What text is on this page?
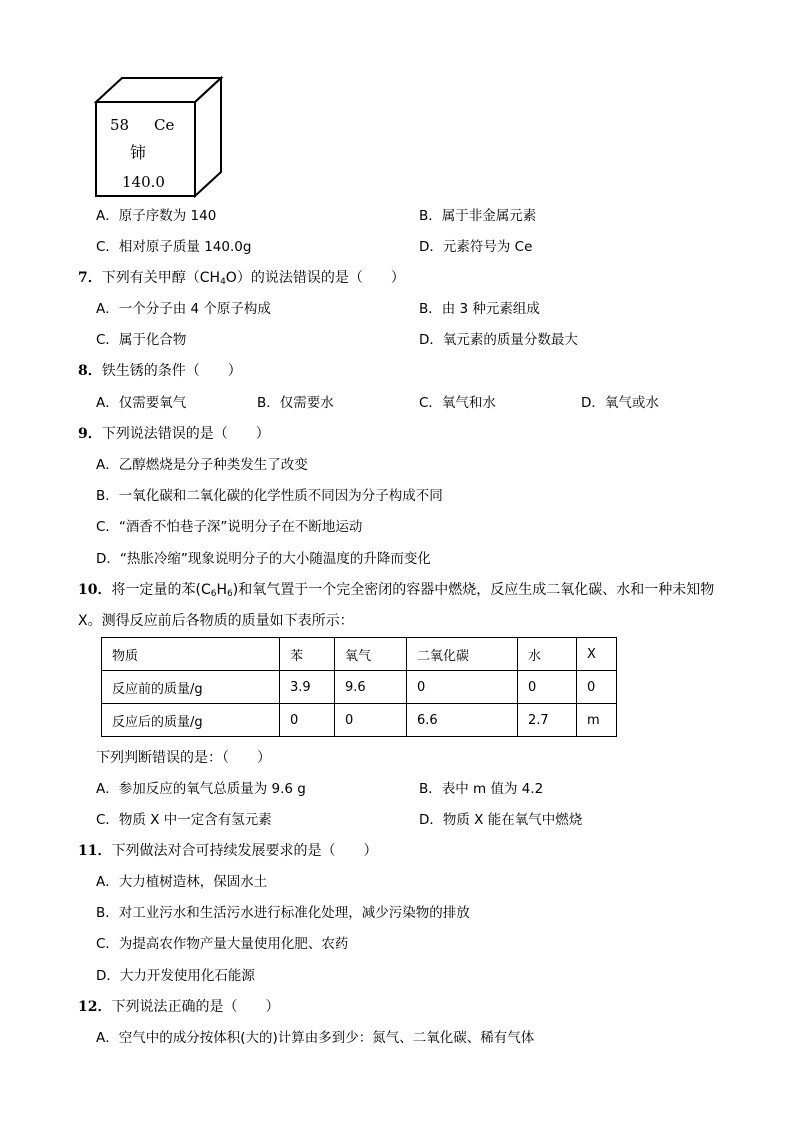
58 Ce
铈
140.0
A．原子序数为 140	B．属于非金属元素
C．相对原子质量 140.0g	D．元素符号为 Ce
7．下列有关甲醇$(CH_4O)$的说法错误的是（　　）
A．一个分子由 4 个原子构成	B．由 3 种元素组成
C．属于化合物	D．氧元素的质量分数最大
8．铁生锈的条件（　　）
A．仅需要氧气	B．仅需要水	C．氧气和水	D．氧气或水
9．下列说法错误的是（　　）
A．乙醇燃烧是分子种类发生了改变
B．一氧化碳和二氧化碳的化学性质不同因为分子构成不同
C．“酒香不怕巷子深”说明分子在不断地运动
D．“热胀冷缩”现象说明分子的大小随温度的升降而变化
10．将一定量的苯$(C_6H_6)$和氧气置于一个完全密闭的容器中燃烧，反应生成二氧化碳、水和一种未知物
X。测得反应前后各物质的质量如下表所示：
物质	苯	氧气	二氧化碳	水	X
反应前的质量/g	3.9	9.6	0	0	0
反应后的质量/g	0	0	6.6	2.7	m
下列判断错误的是：（　　）
A．参加反应的氧气总质量为 9.6 g	B．表中 m 值为 4.2
C．物质 X 中一定含有氢元素	D．物质 X 能在氧气中燃烧
11．下列做法对合可持续发展要求的是（　　）
A．大力植树造林，保固水土
B．对工业污水和生活污水进行标准化处理，减少污染物的排放
C．为提高农作物产量大量使用化肥、农药
D．大力开发使用化石能源
12．下列说法正确的是（　　）
A．空气中的成分按体积(大的)计算由多到少：氮气、二氧化碳、稀有气体
